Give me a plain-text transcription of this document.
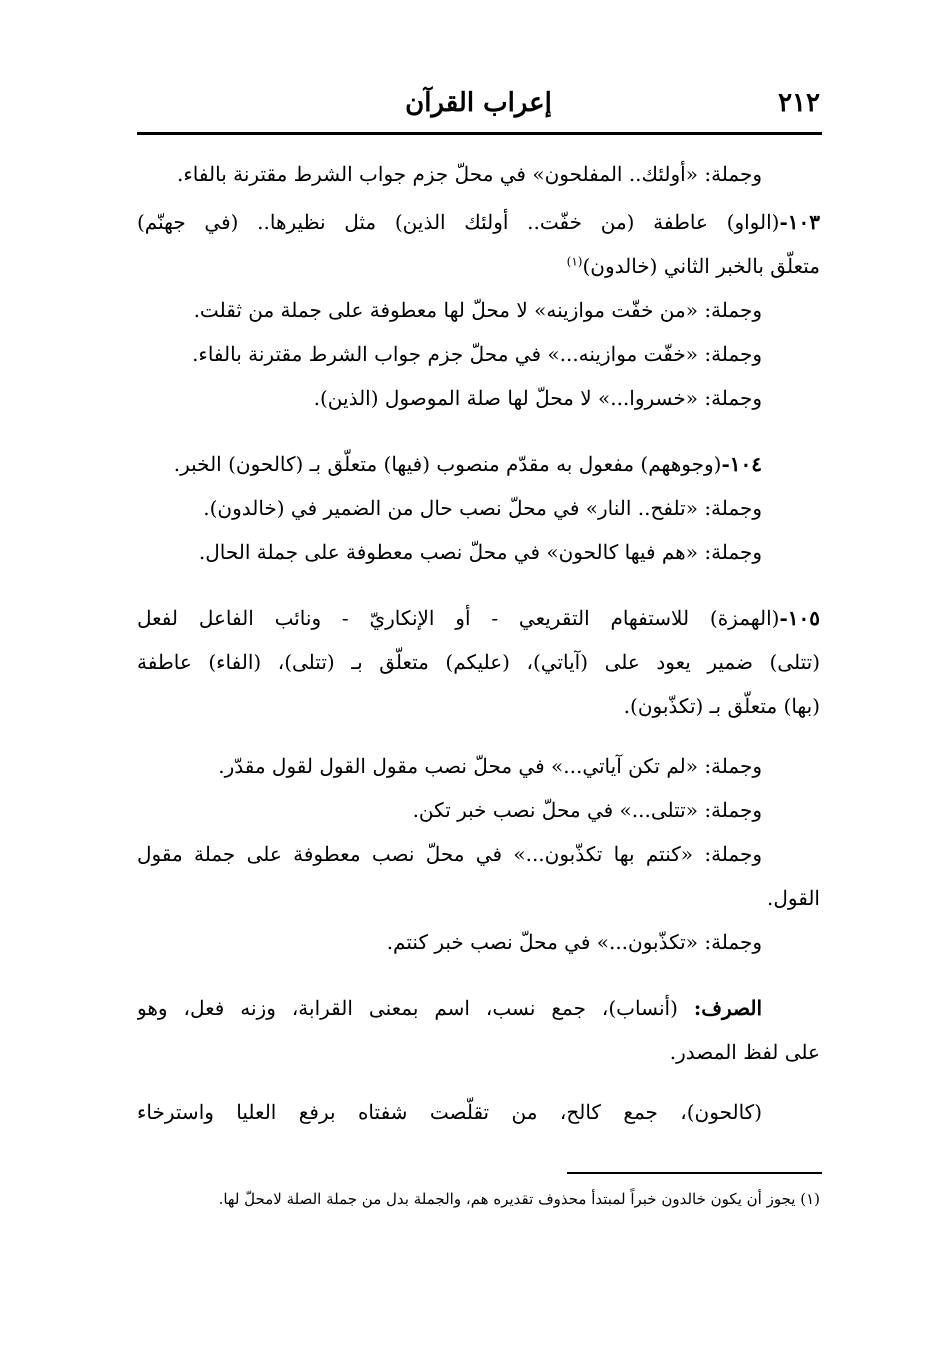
٢١٢
إعراب القرآن
وجملة: «أولئك.. المفلحون» في محلّ جزم جواب الشرط مقترنة بالفاء.
١٠٣-(الواو) عاطفة (من خفّت.. أولئك الذين) مثل نظيرها.. (في جهنّم)
متعلّق بالخبر الثاني (خالدون)$^{(١)}$
وجملة: «من خفّت موازينه» لا محلّ لها معطوفة على جملة من ثقلت.
وجملة: «خفّت موازينه...» في محلّ جزم جواب الشرط مقترنة بالفاء.
وجملة: «خسروا...» لا محلّ لها صلة الموصول (الذين).
١٠٤-(وجوههم) مفعول به مقدّم منصوب (فيها) متعلّق بـ (كالحون) الخبر.
وجملة: «تلفح.. النار» في محلّ نصب حال من الضمير في (خالدون).
وجملة: «هم فيها كالحون» في محلّ نصب معطوفة على جملة الحال.
١٠٥-(الهمزة) للاستفهام التقريعي - أو الإنكاريّ - ونائب الفاعل لفعل
(تتلى) ضمير يعود على (آياتي)، (عليكم) متعلّق بـ (تتلى)، (الفاء) عاطفة
(بها) متعلّق بـ (تكذّبون).
وجملة: «لم تكن آياتي...» في محلّ نصب مقول القول لقول مقدّر.
وجملة: «تتلى...» في محلّ نصب خبر تكن.
وجملة: «كنتم بها تكذّبون...» في محلّ نصب معطوفة على جملة مقول
القول.
وجملة: «تكذّبون...» في محلّ نصب خبر كنتم.
الصرف: (أنساب)، جمع نسب، اسم بمعنى القرابة، وزنه فعل، وهو
على لفظ المصدر.
(كالحون)، جمع كالح، من تقلّصت شفتاه برفع العليا واسترخاء
(١) يجوز أن يكون خالدون خبراً لمبتدأ محذوف تقديره هم، والجملة بدل من جملة الصلة لامحلّ لها.
